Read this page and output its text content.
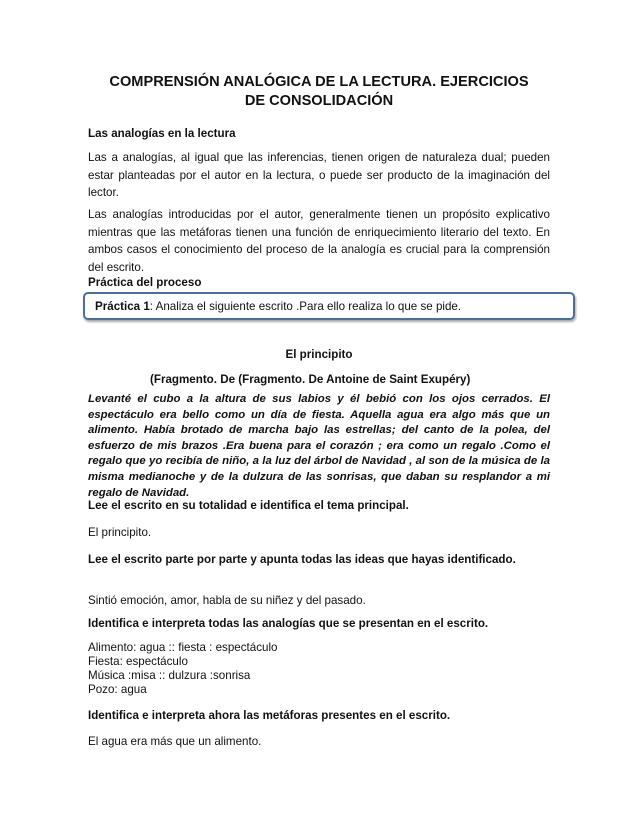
COMPRENSIÓN ANALÓGICA DE LA LECTURA. EJERCICIOS
DE CONSOLIDACIÓN
Las analogías en la lectura
Las a analogías, al igual que las inferencias, tienen origen de naturaleza dual; pueden estar planteadas por el autor en la lectura, o puede ser producto de la imaginación del lector.
Las analogías introducidas por el autor, generalmente tienen un propósito explicativo mientras que las metáforas tienen una función de enriquecimiento literario del texto. En ambos casos el conocimiento del proceso de la analogía es crucial para la comprensión del escrito.
Práctica del proceso
Práctica 1: Analiza el siguiente escrito .Para ello realiza lo que se pide.
El principito
(Fragmento. De (Fragmento. De Antoine de Saint Exupéry)
Levanté el cubo a la altura de sus labios y él bebió con los ojos cerrados. El espectáculo era bello como un día de fiesta. Aquella agua era algo más que un alimento. Había brotado de marcha bajo las estrellas; del canto de la polea, del esfuerzo de mis brazos .Era buena para el corazón ; era como un regalo .Como el regalo que yo recibía de niño, a la luz del árbol de Navidad , al son de la música de la misma medianoche y de la dulzura de las sonrisas, que daban su resplandor a mi regalo de Navidad.
Lee el escrito en su totalidad e identifica el tema principal.
El principito.
Lee el escrito parte por parte y apunta todas las ideas que hayas identificado.
Sintió emoción, amor, habla de su niñez y del pasado.
Identifica e interpreta todas las analogías que se presentan en el escrito.
Alimento: agua :: fiesta : espectáculo
Fiesta: espectáculo
Música :misa :: dulzura :sonrisa
Pozo: agua
Identifica e interpreta ahora las metáforas presentes en el escrito.
El agua era más que un alimento.
